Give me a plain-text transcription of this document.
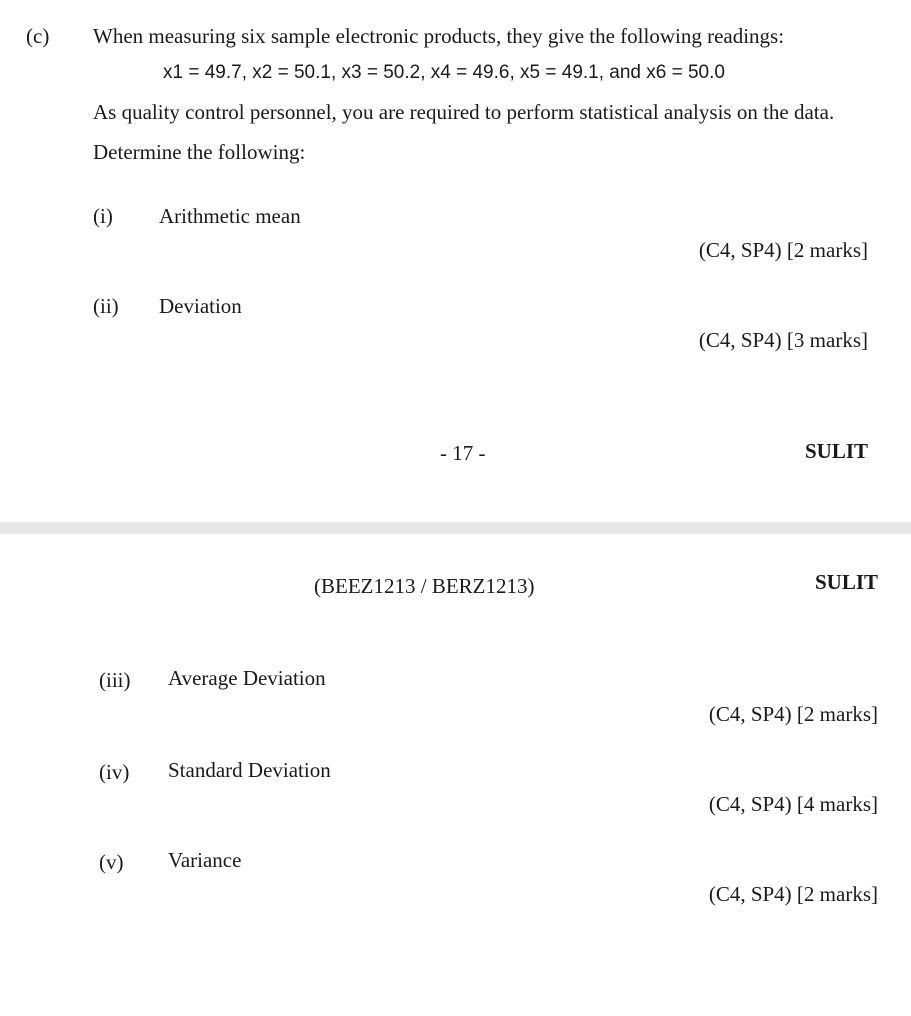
(c) When measuring six sample electronic products, they give the following readings:
x1 = 49.7, x2 = 50.1, x3 = 50.2, x4 = 49.6, x5 = 49.1, and x6 = 50.0
As quality control personnel, you are required to perform statistical analysis on the data.
Determine the following:
(i) Arithmetic mean
(C4, SP4) [2 marks]
(ii) Deviation
(C4, SP4) [3 marks]
- 17 -	SULIT
(BEEZ1213 / BERZ1213)	SULIT
(iii) Average Deviation
(C4, SP4) [2 marks]
(iv) Standard Deviation
(C4, SP4) [4 marks]
(v) Variance
(C4, SP4) [2 marks]
